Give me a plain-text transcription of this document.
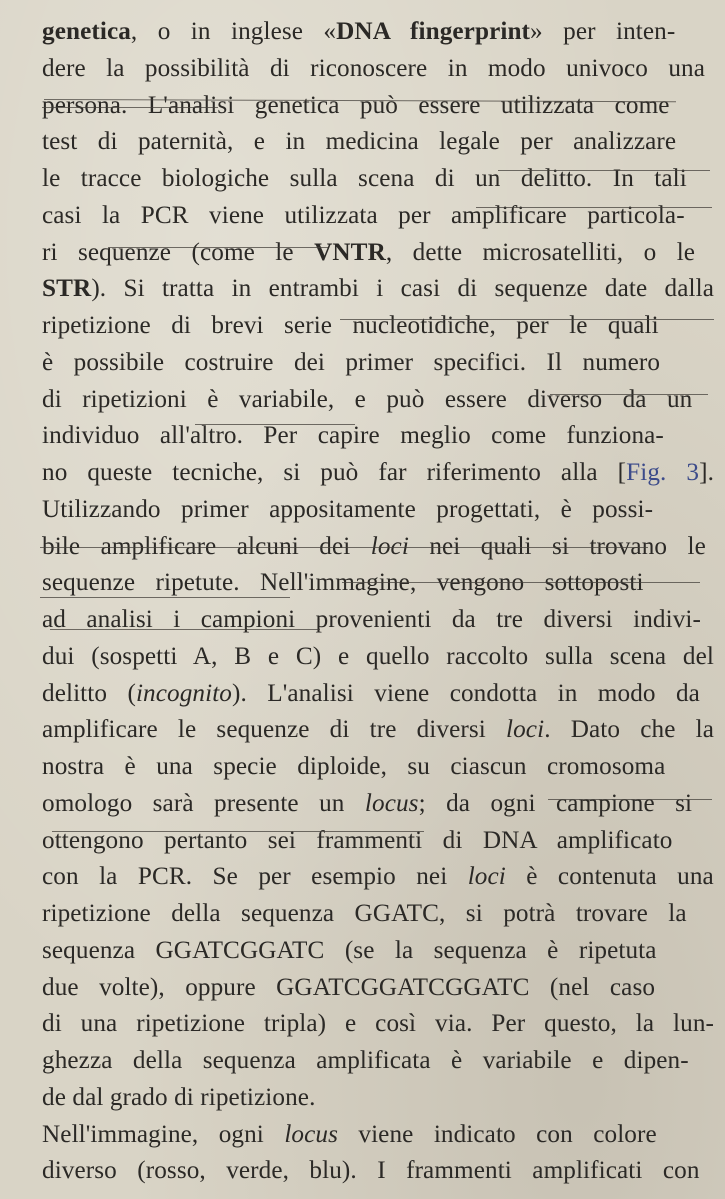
genetica, o in inglese «DNA fingerprint» per inten-
dere la possibilità di riconoscere in modo univoco una
persona. L'analisi genetica può essere utilizzata come
test di paternità, e in medicina legale per analizzare
le tracce biologiche sulla scena di un delitto. In tali
casi la PCR viene utilizzata per amplificare particola-
ri sequenze (come le VNTR, dette microsatelliti, o le
STR). Si tratta in entrambi i casi di sequenze date dalla
ripetizione di brevi serie nucleotidiche, per le quali
è possibile costruire dei primer specifici. Il numero
di ripetizioni è variabile, e può essere diverso da un
individuo all'altro. Per capire meglio come funziona-
no queste tecniche, si può far riferimento alla [Fig. 3].
Utilizzando primer appositamente progettati, è possi-
bile amplificare alcuni dei loci nei quali si trovano le
sequenze ripetute. Nell'immagine, vengono sottoposti
ad analisi i campioni provenienti da tre diversi indivi-
dui (sospetti A, B e C) e quello raccolto sulla scena del
delitto (incognito). L'analisi viene condotta in modo da
amplificare le sequenze di tre diversi loci. Dato che la
nostra è una specie diploide, su ciascun cromosoma
omologo sarà presente un locus; da ogni campione si
ottengono pertanto sei frammenti di DNA amplificato
con la PCR. Se per esempio nei loci è contenuta una
ripetizione della sequenza GGATC, si potrà trovare la
sequenza GGATCGGATC (se la sequenza è ripetuta
due volte), oppure GGATCGGATCGGATC (nel caso
di una ripetizione tripla) e così via. Per questo, la lun-
ghezza della sequenza amplificata è variabile e dipen-
de dal grado di ripetizione.

Nell'immagine, ogni locus viene indicato con colore
diverso (rosso, verde, blu). I frammenti amplificati con
